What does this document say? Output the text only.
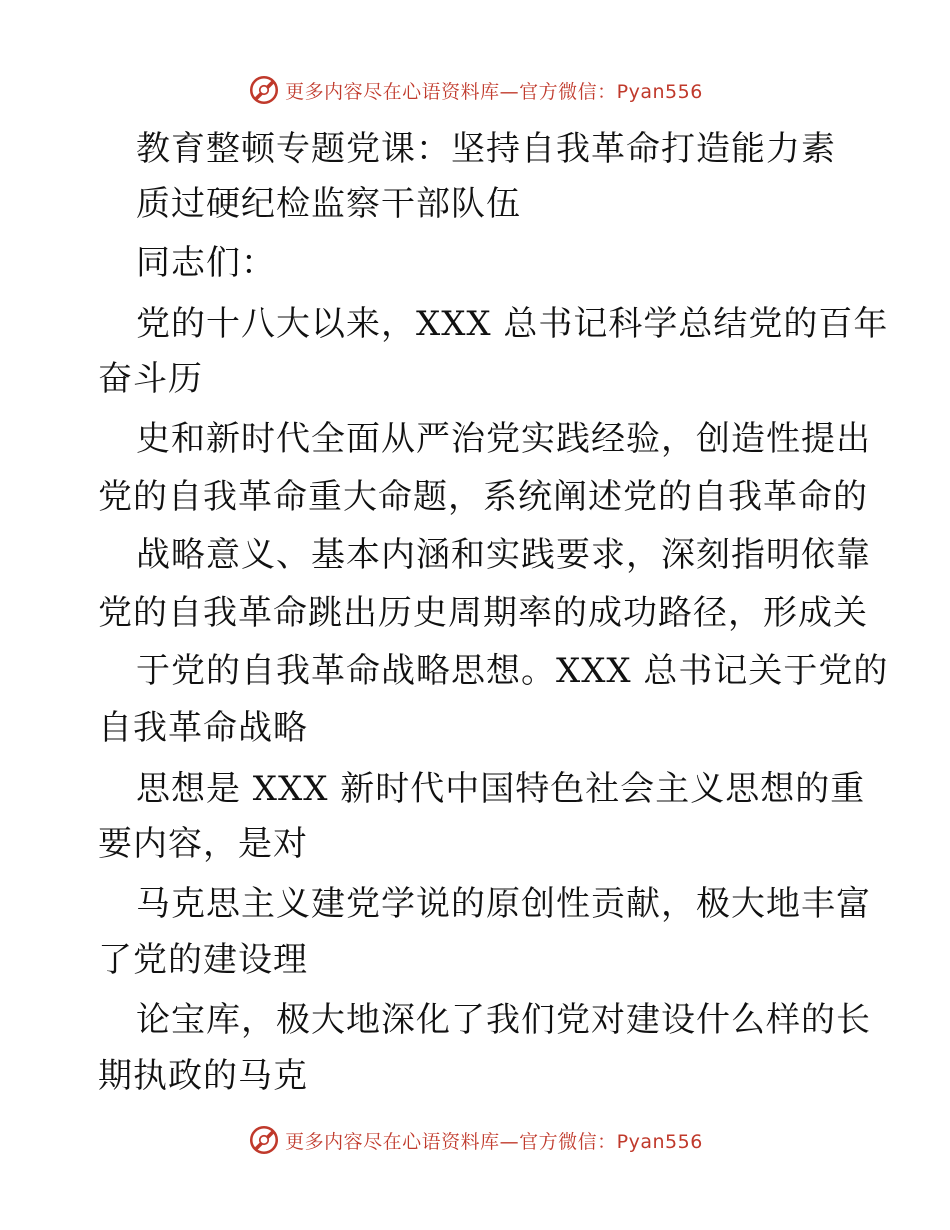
更多内容尽在心语资料库—官方微信：Pyan556
教育整顿专题党课：坚持自我革命打造能力素
质过硬纪检监察干部队伍
同志们：
党的十八大以来，XXX 总书记科学总结党的百年
奋斗历
史和新时代全面从严治党实践经验，创造性提出
党的自我革命重大命题，系统阐述党的自我革命的
战略意义、基本内涵和实践要求，深刻指明依靠
党的自我革命跳出历史周期率的成功路径，形成关
于党的自我革命战略思想。XXX 总书记关于党的
自我革命战略
思想是 XXX 新时代中国特色社会主义思想的重
要内容，是对
马克思主义建党学说的原创性贡献，极大地丰富
了党的建设理
论宝库，极大地深化了我们党对建设什么样的长
期执政的马克
更多内容尽在心语资料库—官方微信：Pyan556
